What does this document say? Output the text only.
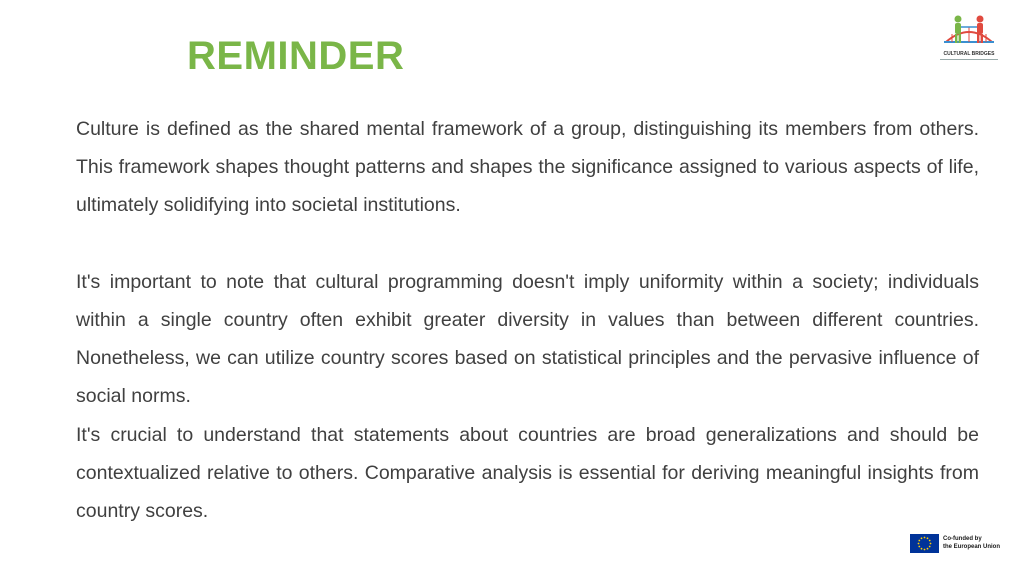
REMINDER	CULTURAL BRIDGES

Culture is defined as the shared mental framework of a group, distinguishing its members from others. This framework shapes thought patterns and shapes the significance assigned to various aspects of life, ultimately solidifying into societal institutions.

It's important to note that cultural programming doesn't imply uniformity within a society; individuals within a single country often exhibit greater diversity in values than between different countries. Nonetheless, we can utilize country scores based on statistical principles and the pervasive influence of social norms.

It's crucial to understand that statements about countries are broad generalizations and should be contextualized relative to others. Comparative analysis is essential for deriving meaningful insights from country scores.

Co-funded by
the European Union
